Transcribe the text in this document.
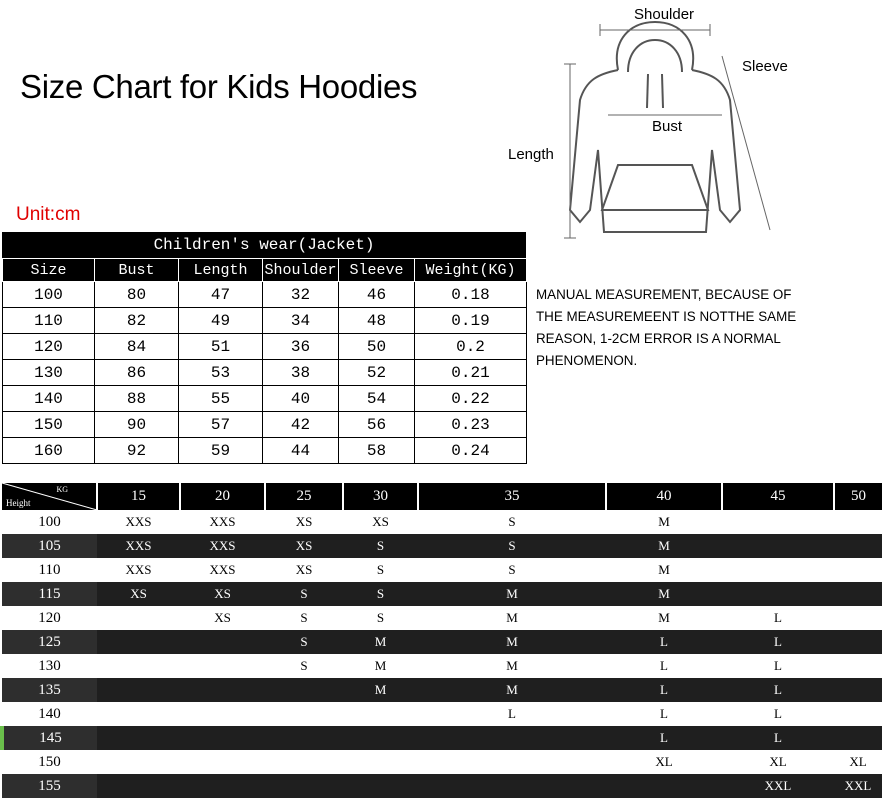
Size Chart for Kids Hoodies
Unit:cm
Shoulder
Sleeve
Bust
Length
Children's wear(Jacket)
Size	Bust	Length	Shoulder	Sleeve	Weight(KG)
100	80	47	32	46	0.18
110	82	49	34	48	0.19
120	84	51	36	50	0.2
130	86	53	38	52	0.21
140	88	55	40	54	0.22
150	90	57	42	56	0.23
160	92	59	44	58	0.24
MANUAL MEASUREMENT, BECAUSE OF THE MEASUREMEENT IS NOTTHE SAME REASON, 1-2CM ERROR IS A NORMAL PHENOMENON.
KG
Height	15	20	25	30	35	40	45	50
100	XXS	XXS	XS	XS	S	M		
105	XXS	XXS	XS	S	S	M		
110	XXS	XXS	XS	S	S	M		
115	XS	XS	S	S	M	M		
120		XS	S	S	M	M	L	
125			S	M	M	L	L	
130			S	M	M	L	L	
135				M	M	L	L	
140					L	L	L	
145						L	L	
150						XL	XL	XL
155							XXL	XXL
